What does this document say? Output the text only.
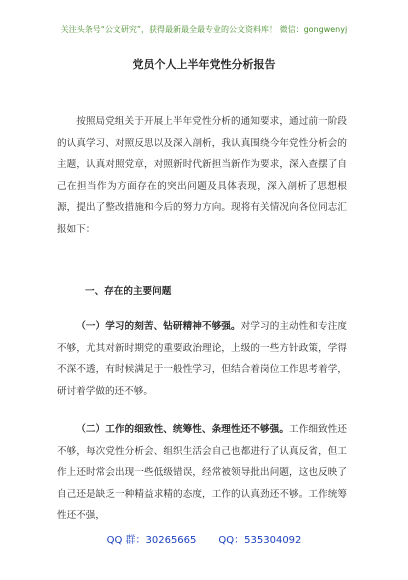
关注头条号“公文研究”，获得最新最全最专业的公文资料库！ 微信：gongwenyj
党员个人上半年党性分析报告

按照局党组关于开展上半年党性分析的通知要求，通过前一阶段的认真学习、对照反思以及深入剖析，我认真围绕今年党性分析会的主题，认真对照党章，对照新时代新担当新作为要求，深入查摆了自己在担当作为方面存在的突出问题及具体表现，深入剖析了思想根源，提出了整改措施和今后的努力方向。现将有关情况向各位同志汇报如下：

一、存在的主要问题

（一）学习的刻苦、钻研精神不够强。对学习的主动性和专注度不够，尤其对新时期党的重要政治理论，上级的一些方针政策，学得不深不透，有时候满足于一般性学习，但结合着岗位工作思考着学，研讨着学做的还不够。

（二）工作的细致性、统筹性、条理性还不够强。工作细致性还不够，每次党性分析会、组织生活会自己也都进行了认真反省，但工作上还时常会出现一些低级错误，经常被领导批出问题，这也反映了自己还是缺乏一种精益求精的态度，工作的认真劲还不够。工作统筹性还不强，

QQ 群：30265665 QQ：535304092
